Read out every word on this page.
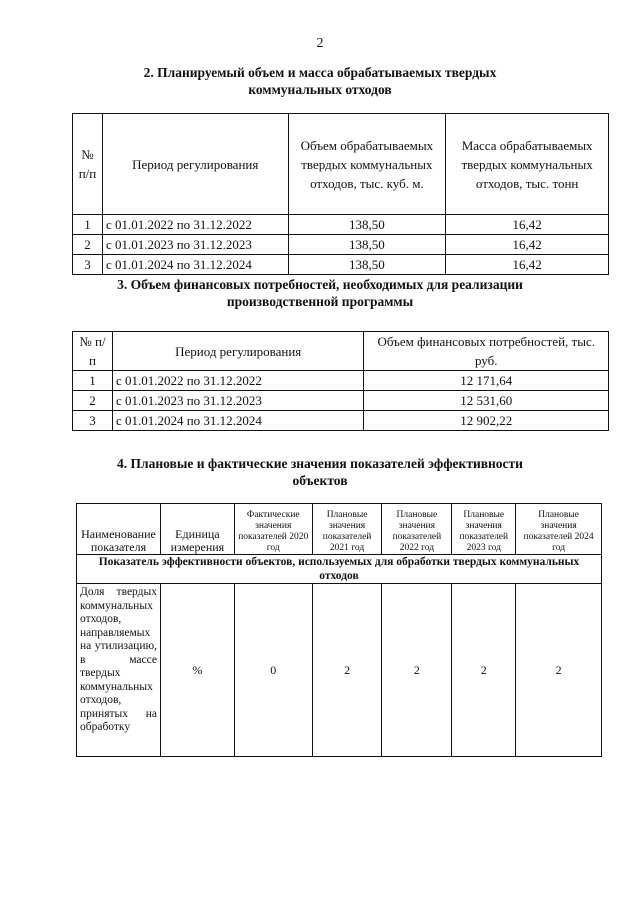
2
2. Планируемый объем и масса обрабатываемых твердых
коммунальных отходов
№ п/п	Период регулирования	Объем обрабатываемых твердых коммунальных отходов, тыс. куб. м.	Масса обрабатываемых твердых коммунальных отходов, тыс. тонн
1	с 01.01.2022 по 31.12.2022	138,50	16,42
2	с 01.01.2023 по 31.12.2023	138,50	16,42
3	с 01.01.2024 по 31.12.2024	138,50	16,42
3. Объем финансовых потребностей, необходимых для реализации
производственной программы
№ п/п	Период регулирования	Объем финансовых потребностей, тыс. руб.
1	с 01.01.2022 по 31.12.2022	12 171,64
2	с 01.01.2023 по 31.12.2023	12 531,60
3	с 01.01.2024 по 31.12.2024	12 902,22
4. Плановые и фактические значения показателей эффективности
объектов
Наименование показателя	Единица измерения	Фактические значения показателей 2020 год	Плановые значения показателей 2021 год	Плановые значения показателей 2022 год	Плановые значения показателей 2023 год	Плановые значения показателей 2024 год
Показатель эффективности объектов, используемых для обработки твердых коммунальных отходов						
Доля твердых коммунальных отходов, направляемых на утилизацию, в массе твердых коммунальных отходов, принятых на обработку	%	0	2	2	2	2
